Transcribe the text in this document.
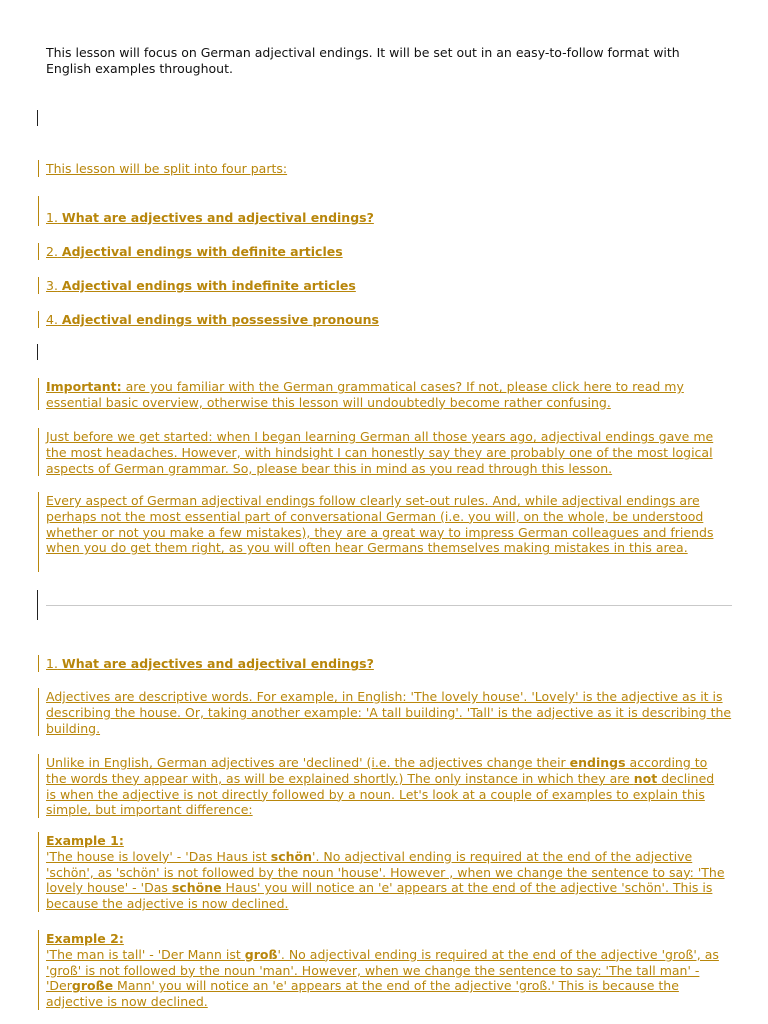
This lesson will focus on German adjectival endings. It will be set out in an easy-to-follow format with English examples throughout.
This lesson will be split into four parts:
1. What are adjectives and adjectival endings?
2. Adjectival endings with definite articles
3. Adjectival endings with indefinite articles
4. Adjectival endings with possessive pronouns
Important: are you familiar with the German grammatical cases? If not, please click here to read my essential basic overview, otherwise this lesson will undoubtedly become rather confusing.
Just before we get started: when I began learning German all those years ago, adjectival endings gave me the most headaches. However, with hindsight I can honestly say they are probably one of the most logical aspects of German grammar. So, please bear this in mind as you read through this lesson.
Every aspect of German adjectival endings follow clearly set-out rules. And, while adjectival endings are perhaps not the most essential part of conversational German (i.e. you will, on the whole, be understood whether or not you make a few mistakes), they are a great way to impress German colleagues and friends when you do get them right, as you will often hear Germans themselves making mistakes in this area.
1. What are adjectives and adjectival endings?
Adjectives are descriptive words. For example, in English: 'The lovely house'. 'Lovely' is the adjective as it is describing the house. Or, taking another example: 'A tall building'. 'Tall' is the adjective as it is describing the building.
Unlike in English, German adjectives are 'declined' (i.e. the adjectives change their endings according to the words they appear with, as will be explained shortly.) The only instance in which they are not declined is when the adjective is not directly followed by a noun. Let's look at a couple of examples to explain this simple, but important difference:
Example 1:
'The house is lovely' - 'Das Haus ist schön'. No adjectival ending is required at the end of the adjective 'schön', as 'schön' is not followed by the noun 'house'. However , when we change the sentence to say: 'The lovely house' - 'Das schöne Haus' you will notice an 'e' appears at the end of the adjective 'schön'. This is because the adjective is now declined.
Example 2:
'The man is tall' - 'Der Mann ist groß'. No adjectival ending is required at the end of the adjective 'groß', as 'groß' is not followed by the noun 'man'. However, when we change the sentence to say: 'The tall man' - 'Dergroße Mann' you will notice an 'e' appears at the end of the adjective 'groß.' This is because the adjective is now declined.
